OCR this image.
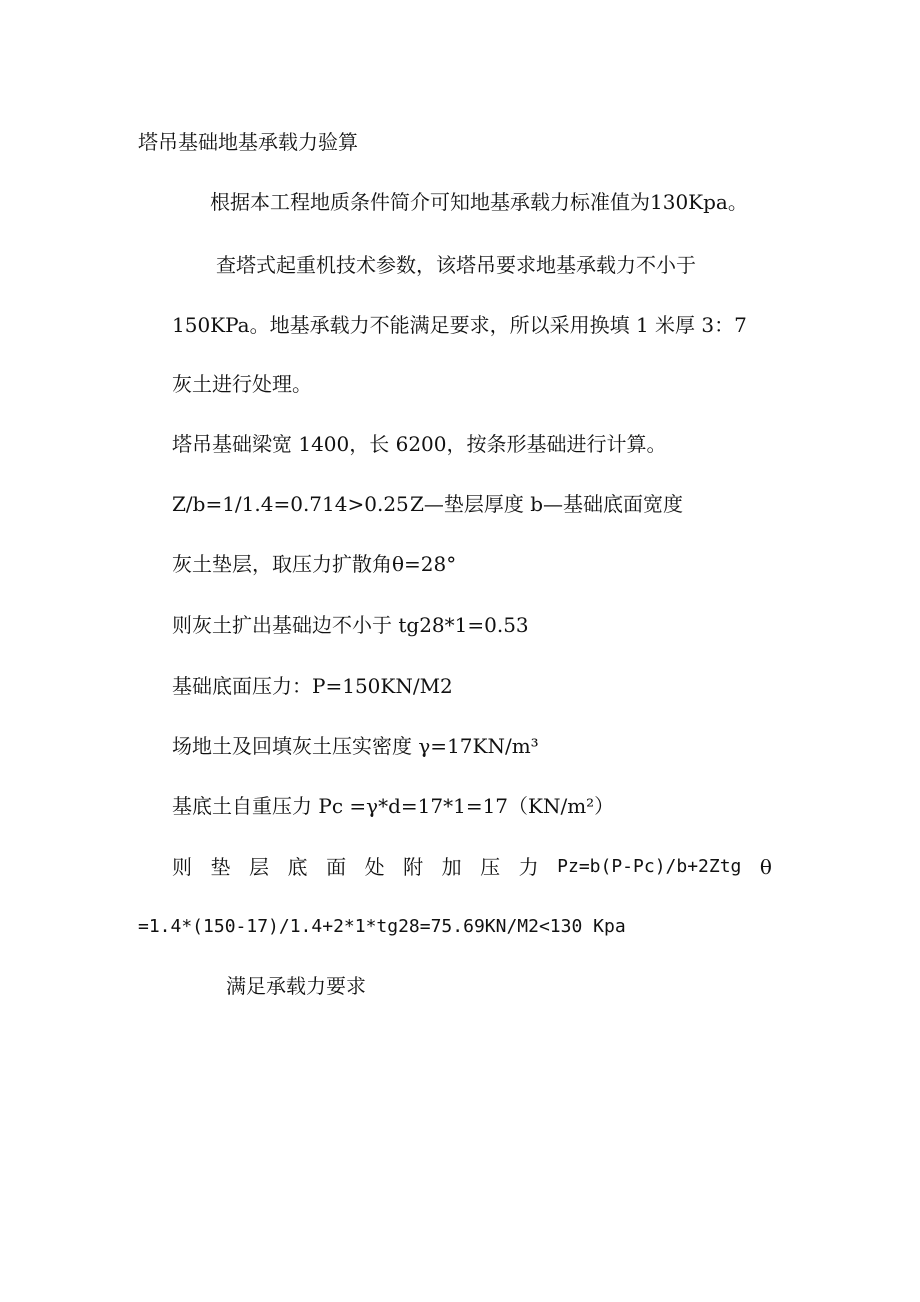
塔吊基础地基承载力验算
根据本工程地质条件简介可知地基承载力标准值为130Kpa。
查塔式起重机技术参数，该塔吊要求地基承载力不小于
150KPa。地基承载力不能满足要求，所以采用换填 1 米厚 3：7
灰土进行处理。
塔吊基础梁宽 1400，长 6200，按条形基础进行计算。
Z/b=1/1.4=0.714>0.25 Z—垫层厚度 b—基础底面宽度
灰土垫层，取压力扩散角θ=28°
则灰土扩出基础边不小于 tg28*1=0.53
基础底面压力：P=150KN/M2
场地土及回填灰土压实密度 γ=17KN/m³
基底土自重压力 Pc =γ*d=17*1=17（KN/m²）
则 垫 层 底 面 处 附 加 压 力 Pz=b(P-Pc)/b+2Ztg θ
=1.4*(150-17)/1.4+2*1*tg28=75.69KN/M2<130 Kpa
满足承载力要求
